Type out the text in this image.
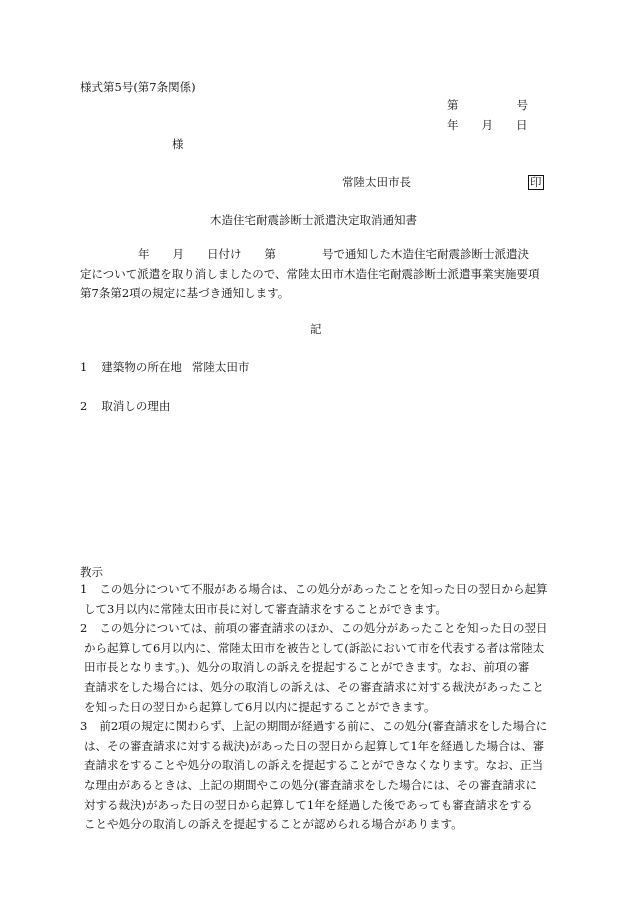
様式第5号(第7条関係)
第	号
年 月 日
様
常陸太田市長	印
木造住宅耐震診断士派遣決定取消通知書
年 月 日付け 第	号で通知した木造住宅耐震診断士派遣決
定について派遣を取り消しましたので、常陸太田市木造住宅耐震診断士派遣事業実施要項
第7条第2項の規定に基づき通知します。
記
1 建築物の所在地 常陸太田市
2 取消しの理由
教示
1 この処分について不服がある場合は、この処分があったことを知った日の翌日から起算
して3月以内に常陸太田市長に対して審査請求をすることができます。
2 この処分については、前項の審査請求のほか、この処分があったことを知った日の翌日
から起算して6月以内に、常陸太田市を被告として(訴訟において市を代表する者は常陸太
田市長となります。)、処分の取消しの訴えを提起することができます。なお、前項の審
査請求をした場合には、処分の取消しの訴えは、その審査請求に対する裁決があったこと
を知った日の翌日から起算して6月以内に提起することができます。
3 前2項の規定に関わらず、上記の期間が経過する前に、この処分(審査請求をした場合に
は、その審査請求に対する裁決)があった日の翌日から起算して1年を経過した場合は、審
査請求をすることや処分の取消しの訴えを提起することができなくなります。なお、正当
な理由があるときは、上記の期間やこの処分(審査請求をした場合には、その審査請求に
対する裁決)があった日の翌日から起算して1年を経過した後であっても審査請求をする
ことや処分の取消しの訴えを提起することが認められる場合があります。
